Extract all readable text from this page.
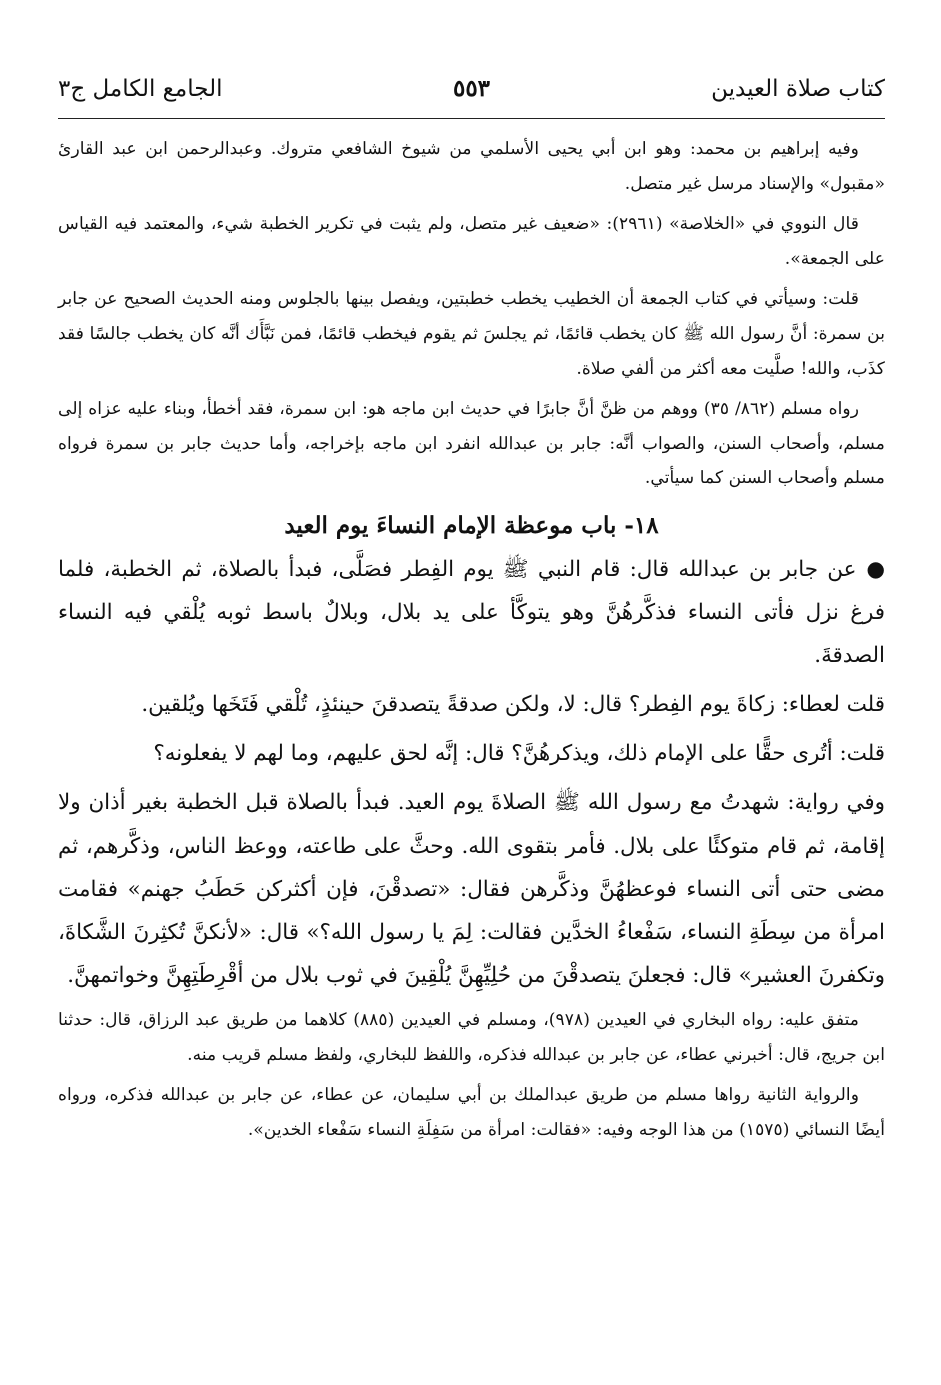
كتاب صلاة العيدين
٥٥٣
الجامع الكامل ج٣

وفيه إبراهيم بن محمد: وهو ابن أبي يحيى الأسلمي من شيوخ الشافعي متروك. وعبدالرحمن ابن عبد القارئ «مقبول» والإسناد مرسل غير متصل.

قال النووي في «الخلاصة» (٢٩٦١): «ضعيف غير متصل، ولم يثبت في تكرير الخطبة شيء، والمعتمد فيه القياس على الجمعة».

قلت: وسيأتي في كتاب الجمعة أن الخطيب يخطب خطبتين، ويفصل بينها بالجلوس ومنه الحديث الصحيح عن جابر بن سمرة: أنَّ رسول الله ﷺ كان يخطب قائمًا، ثم يجلسَ ثم يقوم فيخطب قائمًا، فمن نَبَّأَك أنَّه كان يخطب جالسًا فقد كذَب، والله! صلَّيت معه أكثر من ألفي صلاة.

رواه مسلم (٨٦٢/ ٣٥) ووهم من ظنَّ أنَّ جابرًا في حديث ابن ماجه هو: ابن سمرة، فقد أخطأ، وبناء عليه عزاه إلى مسلم، وأصحاب السنن، والصواب أنَّه: جابر بن عبدالله انفرد ابن ماجه بإخراجه، وأما حديث جابر بن سمرة فرواه مسلم وأصحاب السنن كما سيأتي.

١٨- باب موعظة الإمام النساءَ يوم العيد

●عن جابر بن عبدالله قال: قام النبي ﷺ يوم الفِطر فصَلَّى، فبدأ بالصلاة، ثم الخطبة، فلما فرغ نزل فأتى النساء فذكَّرهُنَّ وهو يتوكَّأ على يد بلال، وبلالٌ باسط ثوبه يُلْقي فيه النساء الصدقةَ.

قلت لعطاء: زكاةَ يوم الفِطر؟ قال: لا، ولكن صدقةً يتصدقنَ حينئذٍ، تُلْقي فَتَخَها ويُلقين.

قلت: أتُرى حقًّا على الإمام ذلك، ويذكرهُنَّ؟ قال: إنَّه لحق عليهم، وما لهم لا يفعلونه؟

وفي رواية: شهدتُ مع رسول الله ﷺ الصلاةَ يوم العيد. فبدأ بالصلاة قبل الخطبة بغير أذان ولا إقامة، ثم قام متوكئًا على بلال. فأمر بتقوى الله. وحثَّ على طاعته، ووعظ الناس، وذكَّرهم، ثم مضى حتى أتى النساء فوعظهُنَّ وذكَّرهن فقال: «تصدقْنَ، فإن أكثركن حَطَبُ جهنم» فقامت امرأة من سِطَةِ النساء، سَفْعاءُ الخدَّين فقالت: لِمَ يا رسول الله؟» قال: «لأنكنَّ تُكثِرنَ الشَّكاةَ، وتكفرنَ العشير» قال: فجعلنَ يتصدقْنَ من حُلِيِّهِنَّ يُلْقِينَ في ثوب بلال من أقْرِطَتِهِنَّ وخواتمهنَّ.

متفق عليه: رواه البخاري في العيدين (٩٧٨)، ومسلم في العيدين (٨٨٥) كلاهما من طريق عبد الرزاق، قال: حدثنا ابن جريج، قال: أخبرني عطاء، عن جابر بن عبدالله فذكره، واللفظ للبخاري، ولفظ مسلم قريب منه.

والرواية الثانية رواها مسلم من طريق عبدالملك بن أبي سليمان، عن عطاء، عن جابر بن عبدالله فذكره، ورواه أيضًا النسائي (١٥٧٥) من هذا الوجه وفيه: «فقالت: امرأة من سَفِلَةِ النساء سَفْعاء الخدين».
